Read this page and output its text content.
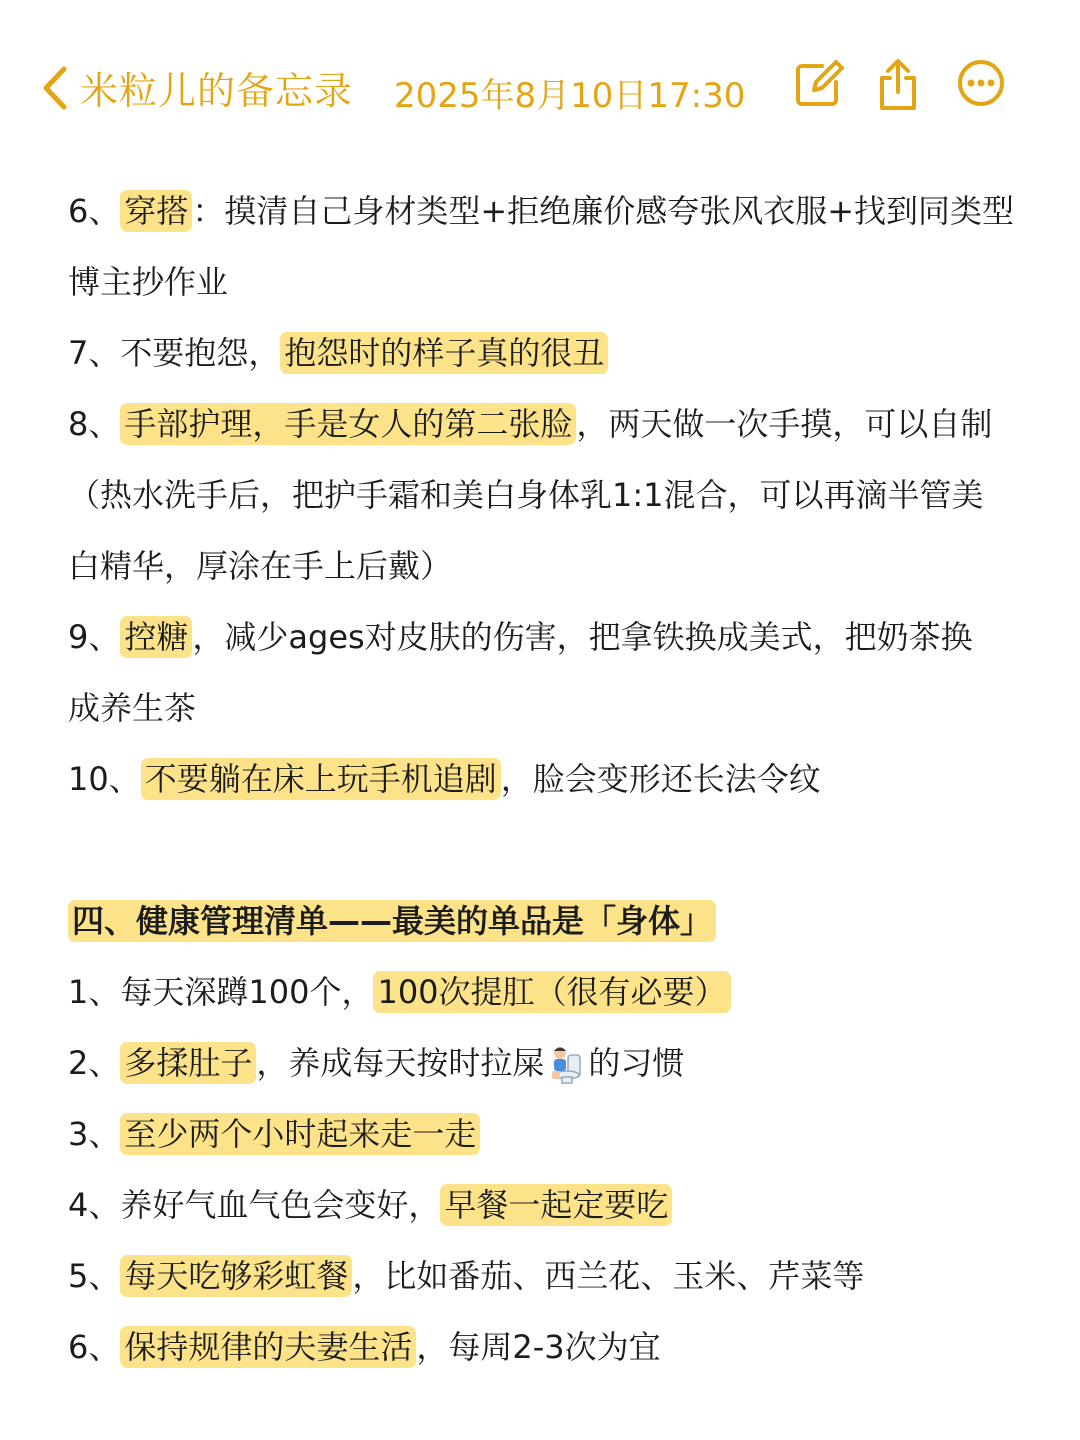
米粒儿的备忘录 2025年8月10日17:30
6、 穿搭 ：摸清自己身材类型+拒绝廉价感夸张风衣服+找到同类型
博主抄作业
7、不要抱怨， 抱怨时的样子真的很丑
8、 手部护理，手是女人的第二张脸 ，两天做一次手摸，可以自制
（热水洗手后，把护手霜和美白身体乳1:1混合，可以再滴半管美
白精华，厚涂在手上后戴）
9、 控糖 ，减少ages对皮肤的伤害，把拿铁换成美式，把奶茶换
成养生茶
10、 不要躺在床上玩手机追剧 ，脸会变形还长法令纹
四、健康管理清单——最美的单品是「身体」
1、每天深蹲100个， 100次提肛（很有必要）
2、 多揉肚子 ，养成每天按时拉屎 的习惯
3、 至少两个小时起来走一走
4、养好气血气色会变好， 早餐一起定要吃
5、 每天吃够彩虹餐 ，比如番茄、西兰花、玉米、芹菜等
6、 保持规律的夫妻生活 ，每周2-3次为宜
